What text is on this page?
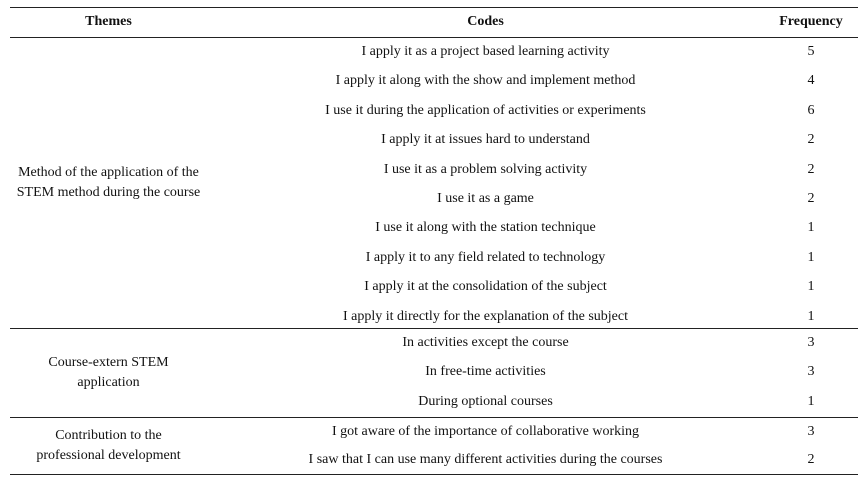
Themes	Codes	Frequency
Method of the application of the STEM method during the course
I apply it as a project based learning activity	5
I apply it along with the show and implement method	4
I use it during the application of activities or experiments	6
I apply it at issues hard to understand	2
I use it as a problem solving activity	2
I use it as a game	2
I use it along with the station technique	1
I apply it to any field related to technology	1
I apply it at the consolidation of the subject	1
I apply it directly for the explanation of the subject	1
Course-extern STEM application
In activities except the course	3
In free-time activities	3
During optional courses	1
Contribution to the professional development
I got aware of the importance of collaborative working	3
I saw that I can use many different activities during the courses	2
